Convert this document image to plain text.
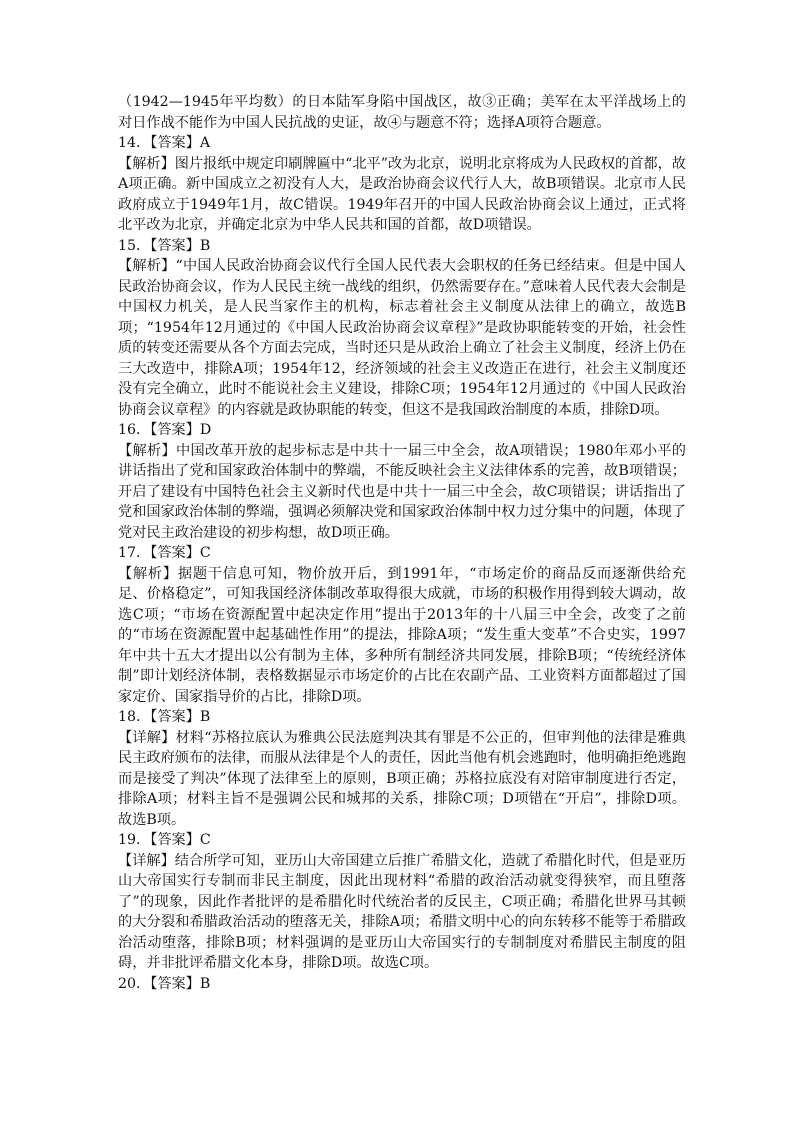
（1942—1945年平均数）的日本陆军身陷中国战区，故③正确；美军在太平洋战场上的对日作战不能作为中国人民抗战的史证，故④与题意不符；选择A项符合题意。

14．【答案】A

【解析】图片报纸中规定印刷牌匾中“北平”改为北京，说明北京将成为人民政权的首都，故A项正确。新中国成立之初没有人大，是政治协商会议代行人大，故B项错误。北京市人民政府成立于1949年1月，故C错误。1949年召开的中国人民政治协商会议上通过，正式将北平改为北京，并确定北京为中华人民共和国的首都，故D项错误。

15．【答案】B

【解析】“中国人民政治协商会议代行全国人民代表大会职权的任务已经结束。但是中国人民政治协商会议，作为人民民主统一战线的组织，仍然需要存在。”意味着人民代表大会制是中国权力机关，是人民当家作主的机构，标志着社会主义制度从法律上的确立，故选B项；“1954年12月通过的《中国人民政治协商会议章程》”是政协职能转变的开始，社会性质的转变还需要从各个方面去完成，当时还只是从政治上确立了社会主义制度，经济上仍在三大改造中，排除A项；1954年12，经济领域的社会主义改造正在进行，社会主义制度还没有完全确立，此时不能说社会主义建设，排除C项；1954年12月通过的《中国人民政治协商会议章程》的内容就是政协职能的转变，但这不是我国政治制度的本质，排除D项。

16．【答案】D

【解析】中国改革开放的起步标志是中共十一届三中全会，故A项错误；1980年邓小平的讲话指出了党和国家政治体制中的弊端，不能反映社会主义法律体系的完善，故B项错误；开启了建设有中国特色社会主义新时代也是中共十一届三中全会，故C项错误；讲话指出了党和国家政治体制的弊端，强调必须解决党和国家政治体制中权力过分集中的问题，体现了党对民主政治建设的初步构想，故D项正确。

17．【答案】C

【解析】据题干信息可知，物价放开后，到1991年，“市场定价的商品反而逐渐供给充足、价格稳定”，可知我国经济体制改革取得很大成就，市场的积极作用得到较大调动，故选C项；“市场在资源配置中起决定作用”提出于2013年的十八届三中全会，改变了之前的“市场在资源配置中起基础性作用”的提法，排除A项；“发生重大变革”不合史实，1997年中共十五大才提出以公有制为主体，多种所有制经济共同发展，排除B项；“传统经济体制”即计划经济体制，表格数据显示市场定价的占比在农副产品、工业资料方面都超过了国家定价、国家指导价的占比，排除D项。

18．【答案】B

【详解】材料“苏格拉底认为雅典公民法庭判决其有罪是不公正的，但审判他的法律是雅典民主政府颁布的法律，而服从法律是个人的责任，因此当他有机会逃跑时，他明确拒绝逃跑而是接受了判决”体现了法律至上的原则，B项正确；苏格拉底没有对陪审制度进行否定，排除A项；材料主旨不是强调公民和城邦的关系，排除C项；D项错在“开启”，排除D项。故选B项。

19．【答案】C

【详解】结合所学可知，亚历山大帝国建立后推广希腊文化，造就了希腊化时代，但是亚历山大帝国实行专制而非民主制度，因此出现材料“希腊的政治活动就变得狭窄，而且堕落了”的现象，因此作者批评的是希腊化时代统治者的反民主，C项正确；希腊化世界马其顿的大分裂和希腊政治活动的堕落无关，排除A项；希腊文明中心的向东转移不能等于希腊政治活动堕落，排除B项；材料强调的是亚历山大帝国实行的专制制度对希腊民主制度的阻碍，并非批评希腊文化本身，排除D项。故选C项。

20．【答案】B
